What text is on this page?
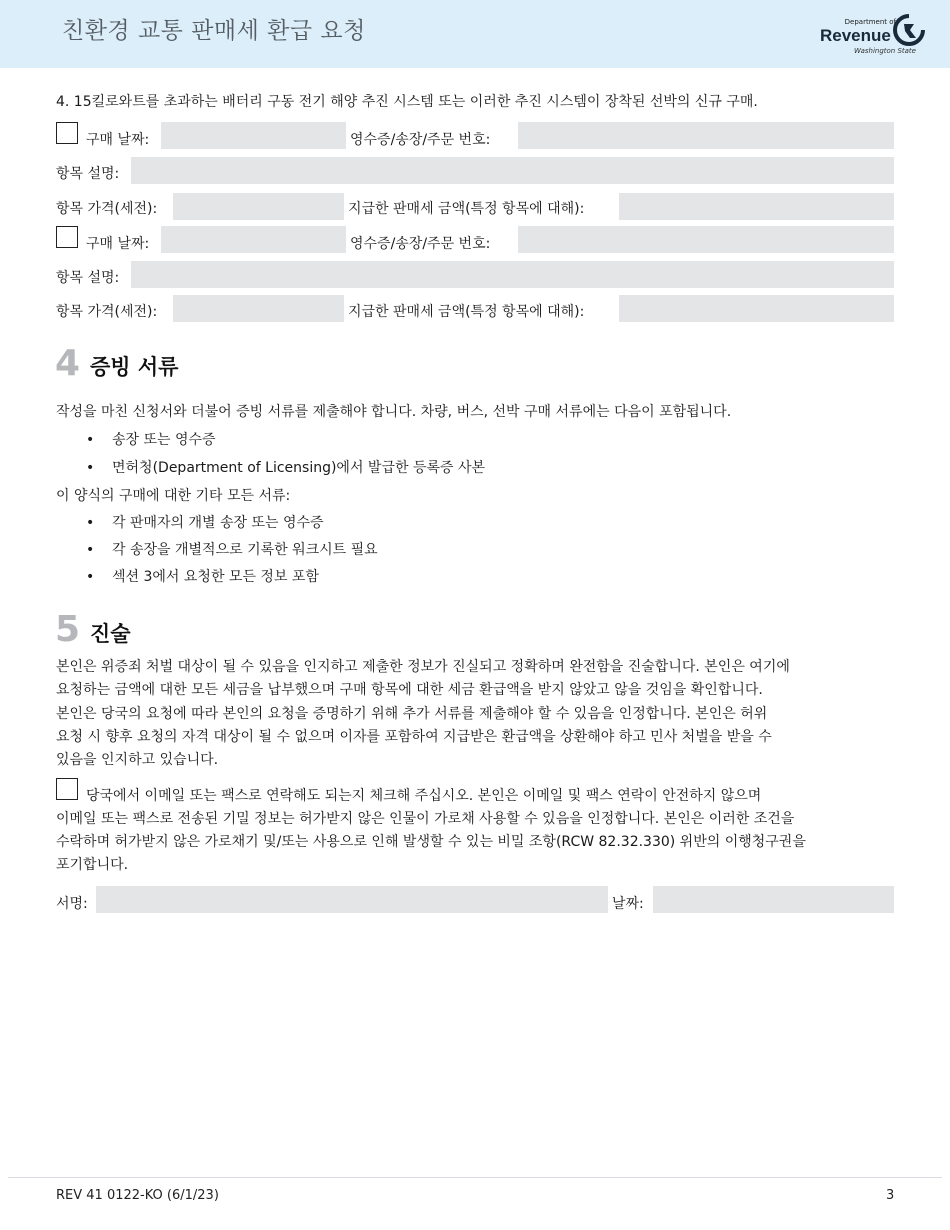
친환경 교통 판매세 환급 요청	Department of
Revenue
Washington State
4. 15킬로와트를 초과하는 배터리 구동 전기 해양 추진 시스템 또는 이러한 추진 시스템이 장착된 선박의 신규 구매.
구매 날짜:	영수증/송장/주문 번호:
항목 설명:
항목 가격(세전):	지급한 판매세 금액(특정 항목에 대해):
구매 날짜:	영수증/송장/주문 번호:
항목 설명:
항목 가격(세전):	지급한 판매세 금액(특정 항목에 대해):
4 증빙 서류
작성을 마친 신청서와 더불어 증빙 서류를 제출해야 합니다. 차량, 버스, 선박 구매 서류에는 다음이 포함됩니다.
• 송장 또는 영수증
• 면허청(Department of Licensing)에서 발급한 등록증 사본
이 양식의 구매에 대한 기타 모든 서류:
• 각 판매자의 개별 송장 또는 영수증
• 각 송장을 개별적으로 기록한 워크시트 필요
• 섹션 3에서 요청한 모든 정보 포함
5 진술
본인은 위증죄 처벌 대상이 될 수 있음을 인지하고 제출한 정보가 진실되고 정확하며 완전함을 진술합니다. 본인은 여기에
요청하는 금액에 대한 모든 세금을 납부했으며 구매 항목에 대한 세금 환급액을 받지 않았고 않을 것임을 확인합니다.
본인은 당국의 요청에 따라 본인의 요청을 증명하기 위해 추가 서류를 제출해야 할 수 있음을 인정합니다. 본인은 허위
요청 시 향후 요청의 자격 대상이 될 수 없으며 이자를 포함하여 지급받은 환급액을 상환해야 하고 민사 처벌을 받을 수
있음을 인지하고 있습니다.
당국에서 이메일 또는 팩스로 연락해도 되는지 체크해 주십시오. 본인은 이메일 및 팩스 연락이 안전하지 않으며
이메일 또는 팩스로 전송된 기밀 정보는 허가받지 않은 인물이 가로채 사용할 수 있음을 인정합니다. 본인은 이러한 조건을
수락하며 허가받지 않은 가로채기 및/또는 사용으로 인해 발생할 수 있는 비밀 조항(RCW 82.32.330) 위반의 이행청구권을
포기합니다.
서명:	날짜:
REV 41 0122-KO (6/1/23)	3
